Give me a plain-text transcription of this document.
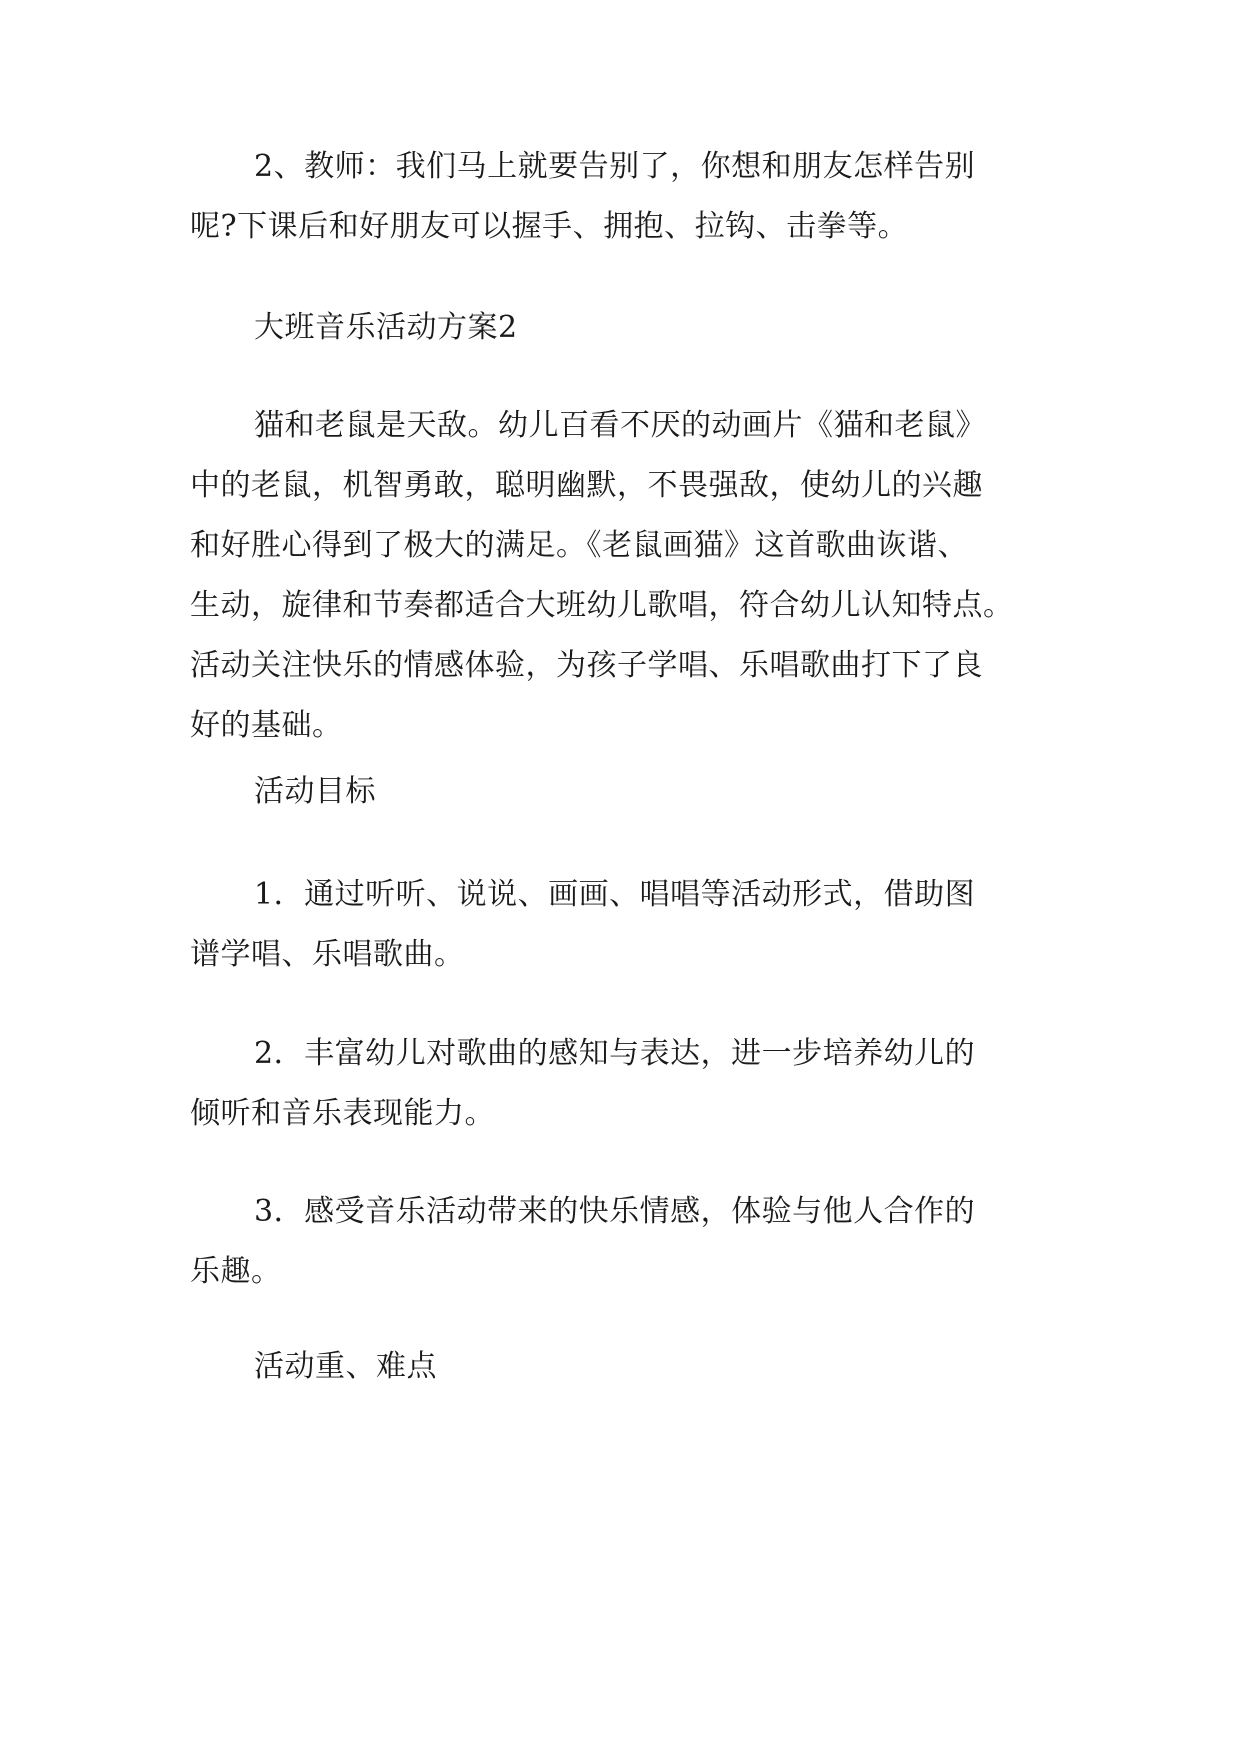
2、教师：我们马上就要告别了，你想和朋友怎样告别
呢?下课后和好朋友可以握手、拥抱、拉钩、击拳等。
大班音乐活动方案2
猫和老鼠是天敌。幼儿百看不厌的动画片《猫和老鼠》
中的老鼠，机智勇敢，聪明幽默，不畏强敌，使幼儿的兴趣
和好胜心得到了极大的满足。《老鼠画猫》这首歌曲诙谐、
生动，旋律和节奏都适合大班幼儿歌唱，符合幼儿认知特点。
活动关注快乐的情感体验，为孩子学唱、乐唱歌曲打下了良
好的基础。
活动目标
1．通过听听、说说、画画、唱唱等活动形式，借助图
谱学唱、乐唱歌曲。
2．丰富幼儿对歌曲的感知与表达，进一步培养幼儿的
倾听和音乐表现能力。
3．感受音乐活动带来的快乐情感，体验与他人合作的
乐趣。
活动重、难点
